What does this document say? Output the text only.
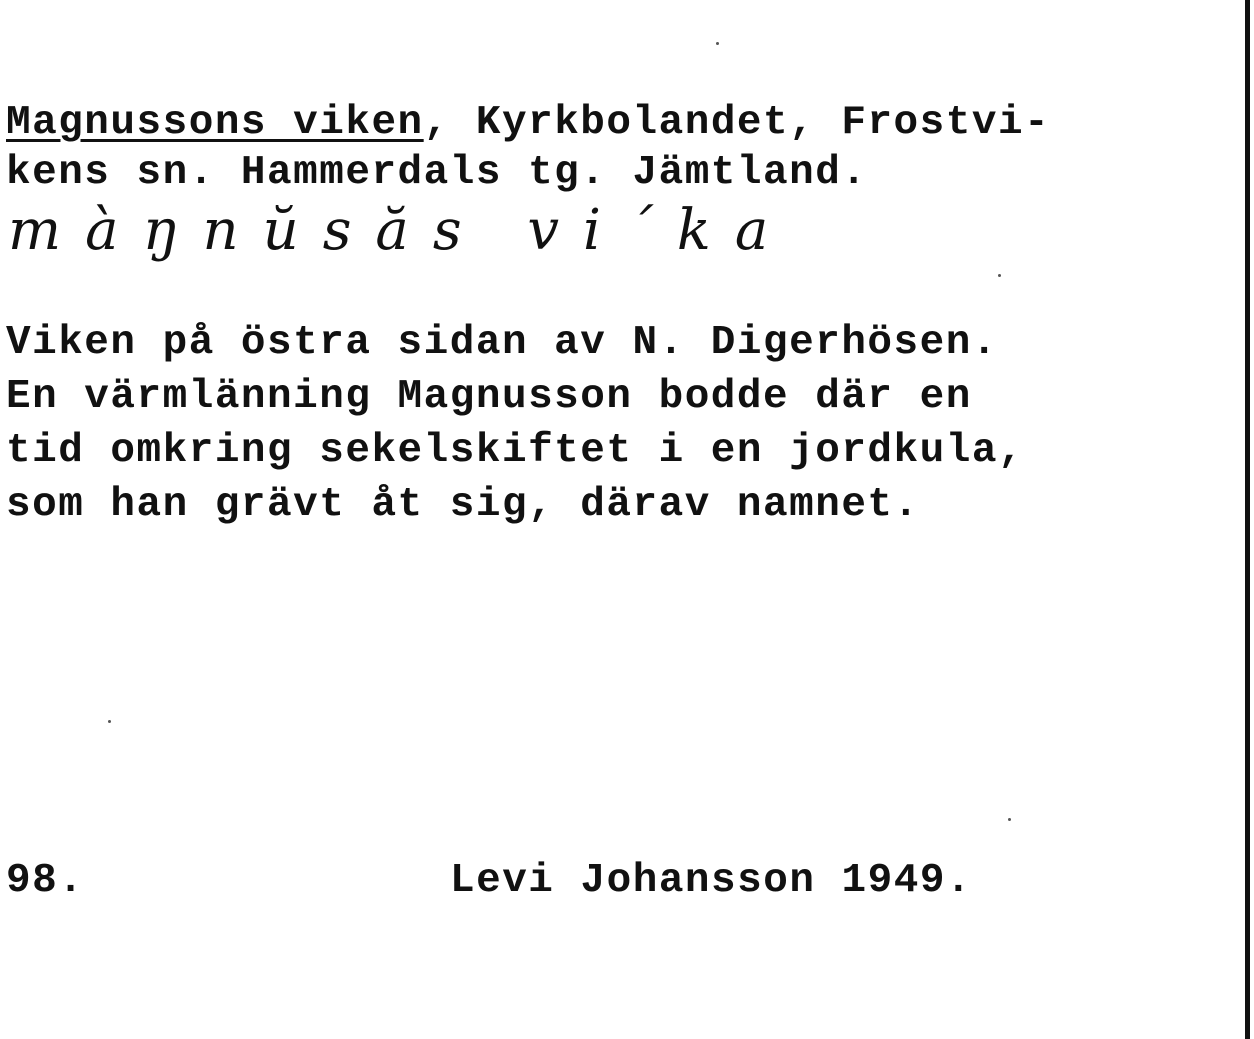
Magnussons viken, Kyrkbolandet, Frostvi-

kens sn. Hammerdals tg. Jämtland.

màŋnŭsăs vi´ka

Viken på östra sidan av N. Digerhösen.

En värmlänning Magnusson bodde där en

tid omkring sekelskiftet i en jordkula,

som han grävt åt sig, därav namnet.

98.	Levi Johansson 1949.
